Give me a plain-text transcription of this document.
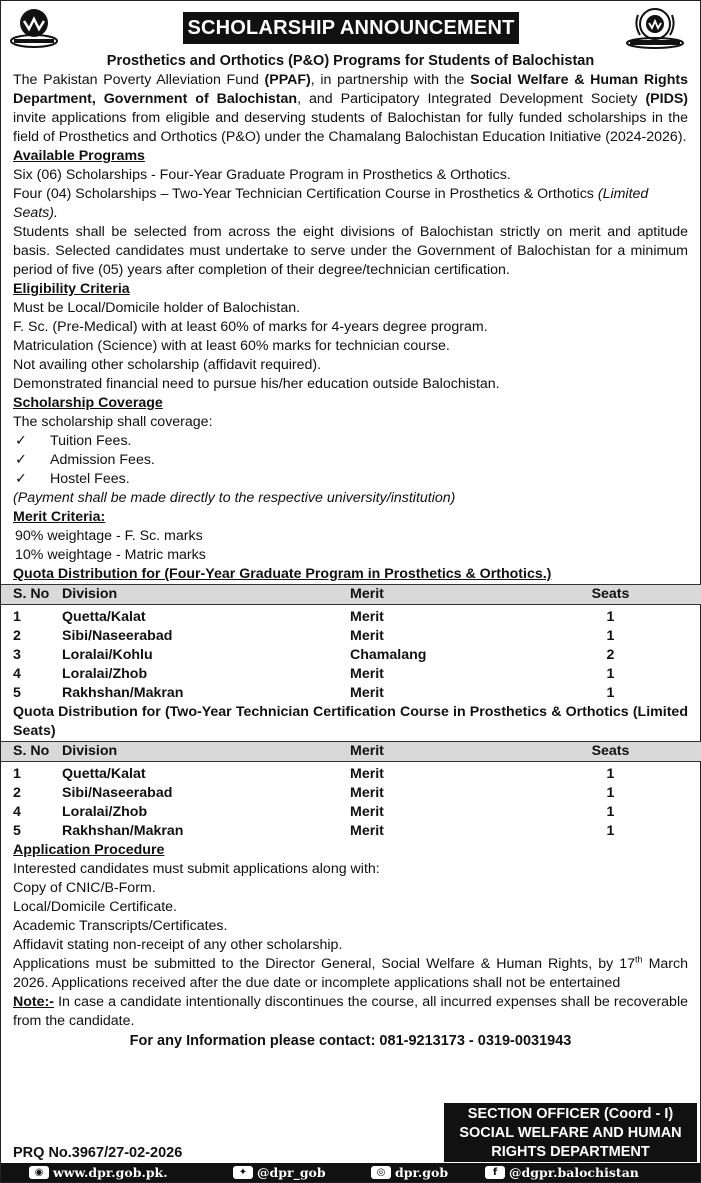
SCHOLARSHIP ANNOUNCEMENT

Prosthetics and Orthotics (P&O) Programs for Students of Balochistan

The Pakistan Poverty Alleviation Fund (PPAF), in partnership with the Social Welfare & Human Rights Department, Government of Balochistan, and Participatory Integrated Development Society (PIDS) invite applications from eligible and deserving students of Balochistan for fully funded scholarships in the field of Prosthetics and Orthotics (P&O) under the Chamalang Balochistan Education Initiative (2024-2026).

Available Programs

Six (06) Scholarships - Four-Year Graduate Program in Prosthetics & Orthotics.

Four (04) Scholarships – Two-Year Technician Certification Course in Prosthetics & Orthotics (Limited Seats).

Students shall be selected from across the eight divisions of Balochistan strictly on merit and aptitude basis. Selected candidates must undertake to serve under the Government of Balochistan for a minimum period of five (05) years after completion of their degree/technician certification.

Eligibility Criteria

Must be Local/Domicile holder of Balochistan.

F. Sc. (Pre-Medical) with at least 60% of marks for 4-years degree program.

Matriculation (Science) with at least 60% marks for technician course.

Not availing other scholarship (affidavit required).

Demonstrated financial need to pursue his/her education outside Balochistan.

Scholarship Coverage

The scholarship shall coverage:

✓ Tuition Fees.

✓ Admission Fees.

✓ Hostel Fees.

(Payment shall be made directly to the respective university/institution)

Merit Criteria:

90% weightage - F. Sc. marks

10% weightage - Matric marks

Quota Distribution for (Four-Year Graduate Program in Prosthetics & Orthotics.)

S. No	Division	Merit	Seats

1	Quetta/Kalat	Merit	1
2	Sibi/Naseerabad	Merit	1
3	Loralai/Kohlu	Chamalang	2
4	Loralai/Zhob	Merit	1
5	Rakhshan/Makran	Merit	1

Quota Distribution for (Two-Year Technician Certification Course in Prosthetics & Orthotics (Limited Seats)

S. No	Division	Merit	Seats

1	Quetta/Kalat	Merit	1
2	Sibi/Naseerabad	Merit	1
4	Loralai/Zhob	Merit	1
5	Rakhshan/Makran	Merit	1

Application Procedure

Interested candidates must submit applications along with:

Copy of CNIC/B-Form.

Local/Domicile Certificate.

Academic Transcripts/Certificates.

Affidavit stating non-receipt of any other scholarship.

Applications must be submitted to the Director General, Social Welfare & Human Rights, by 17th March 2026. Applications received after the due date or incomplete applications shall not be entertained

Note:- In case a candidate intentionally discontinues the course, all incurred expenses shall be recoverable from the candidate.

For any Information please contact: 081-9213173 - 0319-0031943

SECTION OFFICER (Coord - I)
SOCIAL WELFARE AND HUMAN
RIGHTS DEPARTMENT
PRQ No.3967/27-02-2026
◉ www.dpr.gob.pk.	✦ @dpr_gob	◎ dpr.gob	f @dgpr.balochistan
